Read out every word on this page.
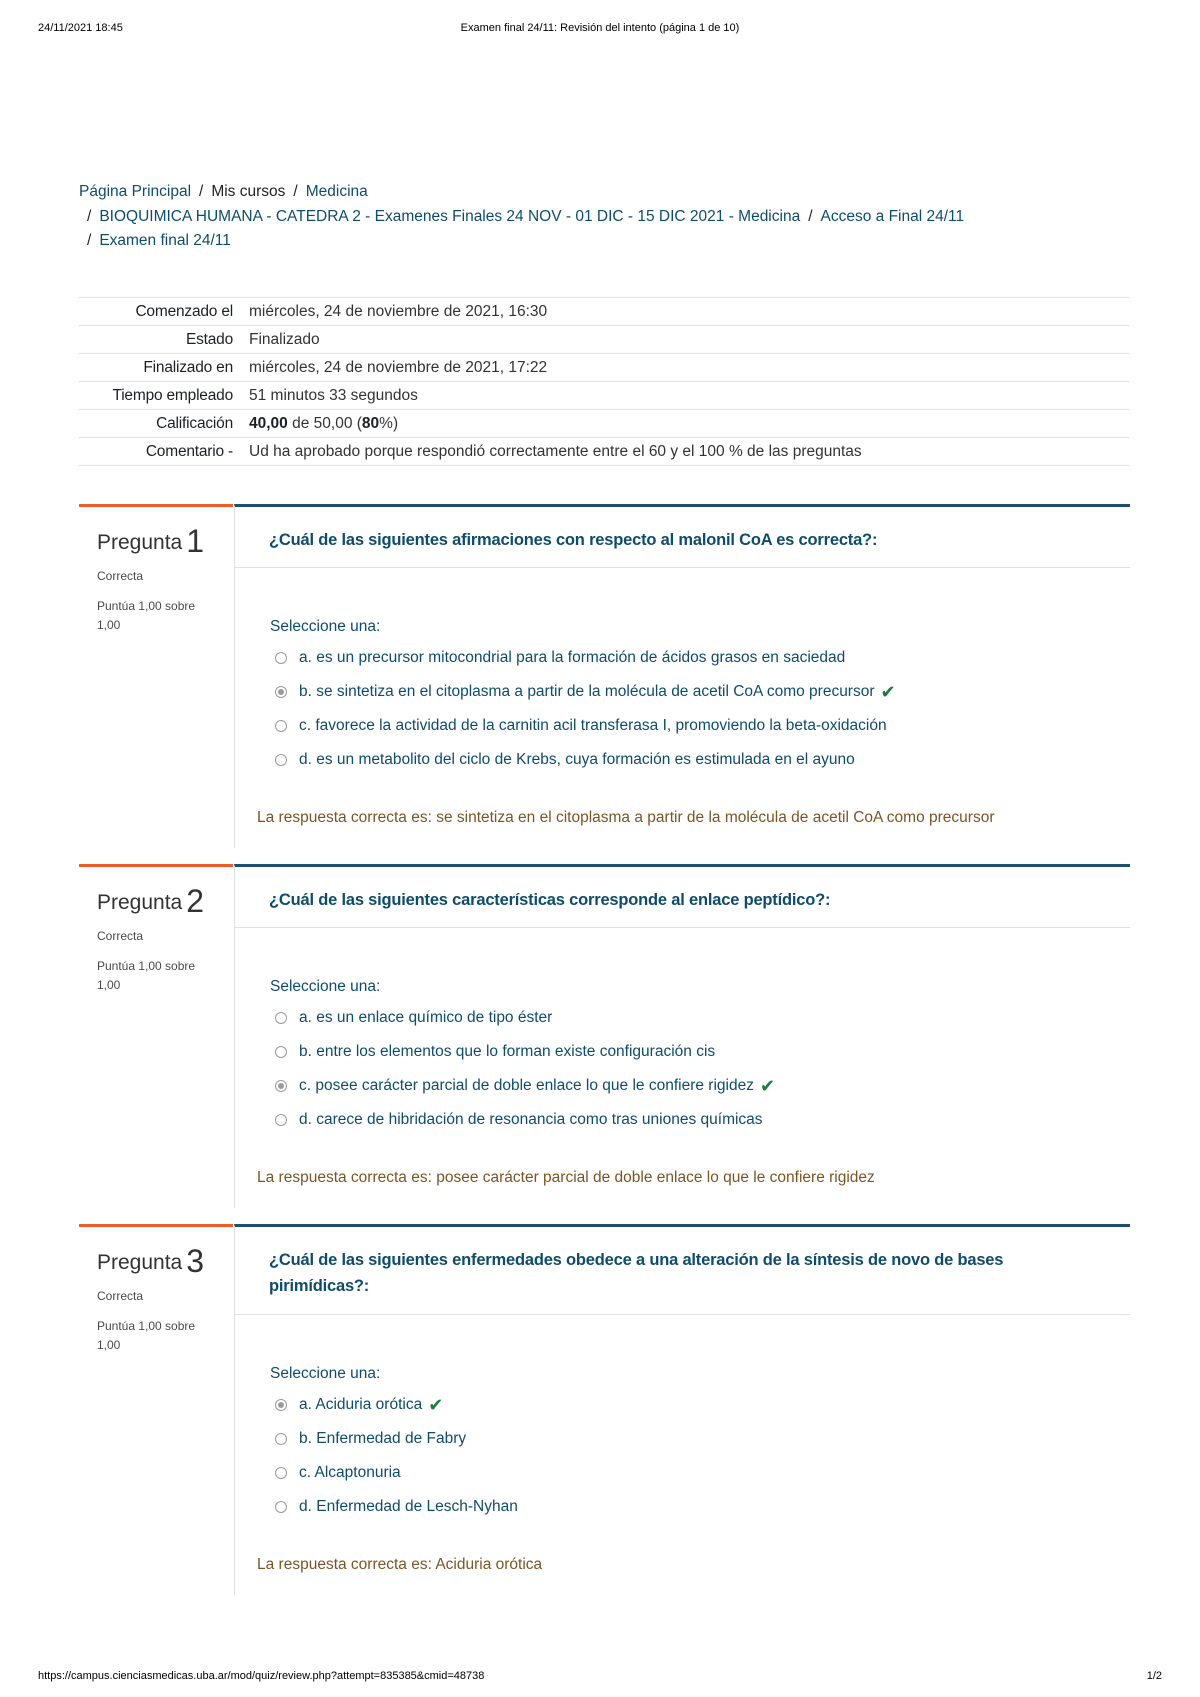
24/11/2021 18:45	Examen final 24/11: Revisión del intento (página 1 de 10)
Página Principal / Mis cursos / Medicina
/ BIOQUIMICA HUMANA - CATEDRA 2 - Examenes Finales 24 NOV - 01 DIC - 15 DIC 2021 - Medicina / Acceso a Final 24/11
/ Examen final 24/11
Comenzado el	miércoles, 24 de noviembre de 2021, 16:30
Estado	Finalizado
Finalizado en	miércoles, 24 de noviembre de 2021, 17:22
Tiempo empleado	51 minutos 33 segundos
Calificación	40,00 de 50,00 (80%)
Comentario -	Ud ha aprobado porque respondió correctamente entre el 60 y el 100 % de las preguntas
Pregunta 1
Correcta
Puntúa 1,00 sobre 1,00
¿Cuál de las siguientes afirmaciones con respecto al malonil CoA es correcta?:
Seleccione una:
a. es un precursor mitocondrial para la formación de ácidos grasos en saciedad
b. se sintetiza en el citoplasma a partir de la molécula de acetil CoA como precursor ✔
c. favorece la actividad de la carnitin acil transferasa I, promoviendo la beta-oxidación
d. es un metabolito del ciclo de Krebs, cuya formación es estimulada en el ayuno
La respuesta correcta es: se sintetiza en el citoplasma a partir de la molécula de acetil CoA como precursor
Pregunta 2
Correcta
Puntúa 1,00 sobre 1,00
¿Cuál de las siguientes características corresponde al enlace peptídico?:
Seleccione una:
a. es un enlace químico de tipo éster
b. entre los elementos que lo forman existe configuración cis
c. posee carácter parcial de doble enlace lo que le confiere rigidez ✔
d. carece de hibridación de resonancia como tras uniones químicas
La respuesta correcta es: posee carácter parcial de doble enlace lo que le confiere rigidez
Pregunta 3
Correcta
Puntúa 1,00 sobre 1,00
¿Cuál de las siguientes enfermedades obedece a una alteración de la síntesis de novo de bases pirimídicas?:
Seleccione una:
a. Aciduria orótica ✔
b. Enfermedad de Fabry
c. Alcaptonuria
d. Enfermedad de Lesch-Nyhan
La respuesta correcta es: Aciduria orótica
https://campus.cienciasmedicas.uba.ar/mod/quiz/review.php?attempt=835385&cmid=48738	1/2
